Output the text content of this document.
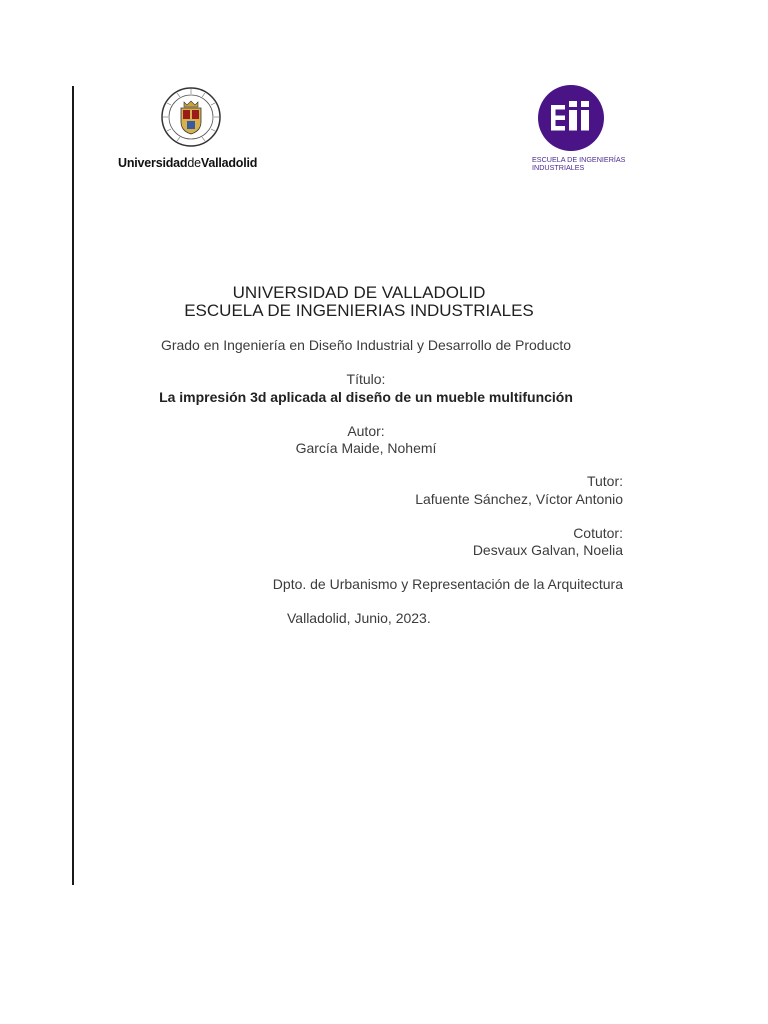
UniversidaddeValladolid	ESCUELA DE INGENIERÍAS
INDUSTRIALES
UNIVERSIDAD DE VALLADOLID
ESCUELA DE INGENIERIAS INDUSTRIALES
Grado en Ingeniería en Diseño Industrial y Desarrollo de Producto
Título:
La impresión 3d aplicada al diseño de un mueble multifunción
Autor:
García Maide, Nohemí
Tutor:
Lafuente Sánchez, Víctor Antonio
Cotutor:
Desvaux Galvan, Noelia
Dpto. de Urbanismo y Representación de la Arquitectura
Valladolid, Junio, 2023.
